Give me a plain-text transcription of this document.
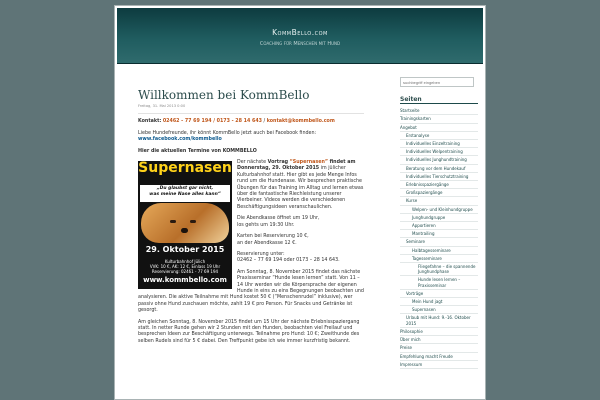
KommBello.com
Coaching für Menschen mit Hund
Willkommen bei KommBello
Freitag, 31. Mai 2013 0:00

Kontakt: 02462 - 77 69 194 / 0173 - 28 14 643 / kontakt@kommbello.com

Liebe Hundefreunde, ihr könnt KommBello jetzt auch bei Facebook finden: www.facebook.com/kommbello

Hier die aktuellen Termine von KOMMBELLO

Supernasen
„Du glaubst gar nicht,
was meine Nase alles kann“
29. Oktober 2015
Kulturbahnhof Jülich
VVK: 10 €, AK: 12 €, Einlass 19 Uhr
Reservierung: 02461 - 77 69 194
www.kommbello.com

Der nächste Vortrag “Supernasen” findet am Donnerstag, 29. Oktober 2015 im jülicher Kulturbahnhof statt. Hier gibt es jede Menge Infos rund um die Hundenase. Wir besprechen praktische Übungen für das Training im Alltag und lernen etwas über die fantastische Riechleistung unserer Vierbeiner. Videos werden die verschiedenen Beschäftigungsideen veranschaulichen.

Die Abendkasse öffnet um 19 Uhr,
los gehts um 19:30 Uhr.

Karten bei Reservierung 10 €,
an der Abendkasse 12 €.

Reservierung unter:
02462 – 77 69 194 oder 0173 – 28 14 643.

Am Sonntag, 8. November 2015 findet das nächste Praxisseminar “Hunde lesen lernen” statt. Von 11 – 14 Uhr werden wir die Körpersprache der eigenen Hunde in eins zu eins Begegnungen beobachten und analysieren. Die aktive Teilnahme mit Hund kostet 50 € (“Menschenrudel” inklusive), wer passiv ohne Hund zuschauen möchte, zahlt 19 € pro Person. Für Snacks und Getränke ist gesorgt.

Am gleichen Sonntag, 8. November 2015 findet um 15 Uhr der nächste Erlebnisspaziergang statt. In netter Runde gehen wir 2 Stunden mit den Hunden, beobachten viel Freilauf und besprechen Ideen zur Beschäftigung unterwegs. Teilnahme pro Hund: 10 €; Zweithunde des selben Rudels sind für 5 € dabei. Den Treffpunkt gebe ich wie immer kurzfristig bekannt.

suchbegriff eingeben
Seiten
Startseite
Trainingskarten
Angebot
Erstanalyse
Individuelles Einzeltraining
Individuelles Welpentraining
Individuelles Junghundtraining
Beratung vor dem Hundekauf
Individuelles Tierschutztraining
Erlebnisspaziergänge
Großspaziergänge
Kurse
Welpen- und Kleinhundgruppe
Junghundgruppe
Apportieren
Mantrailing
Seminare
Halbtagesseminare
Tagesseminare
Fliegefahne – die spannende Junghundphase
Hunde lesen lernen – Praxisseminar
Vorträge
Mein Hund jagt
Supernasen
Urlaub mit Hund: 9.-16. Oktober 2015
Philosophie
Über mich
Preise
Empfehlung macht Freude
Impressum
